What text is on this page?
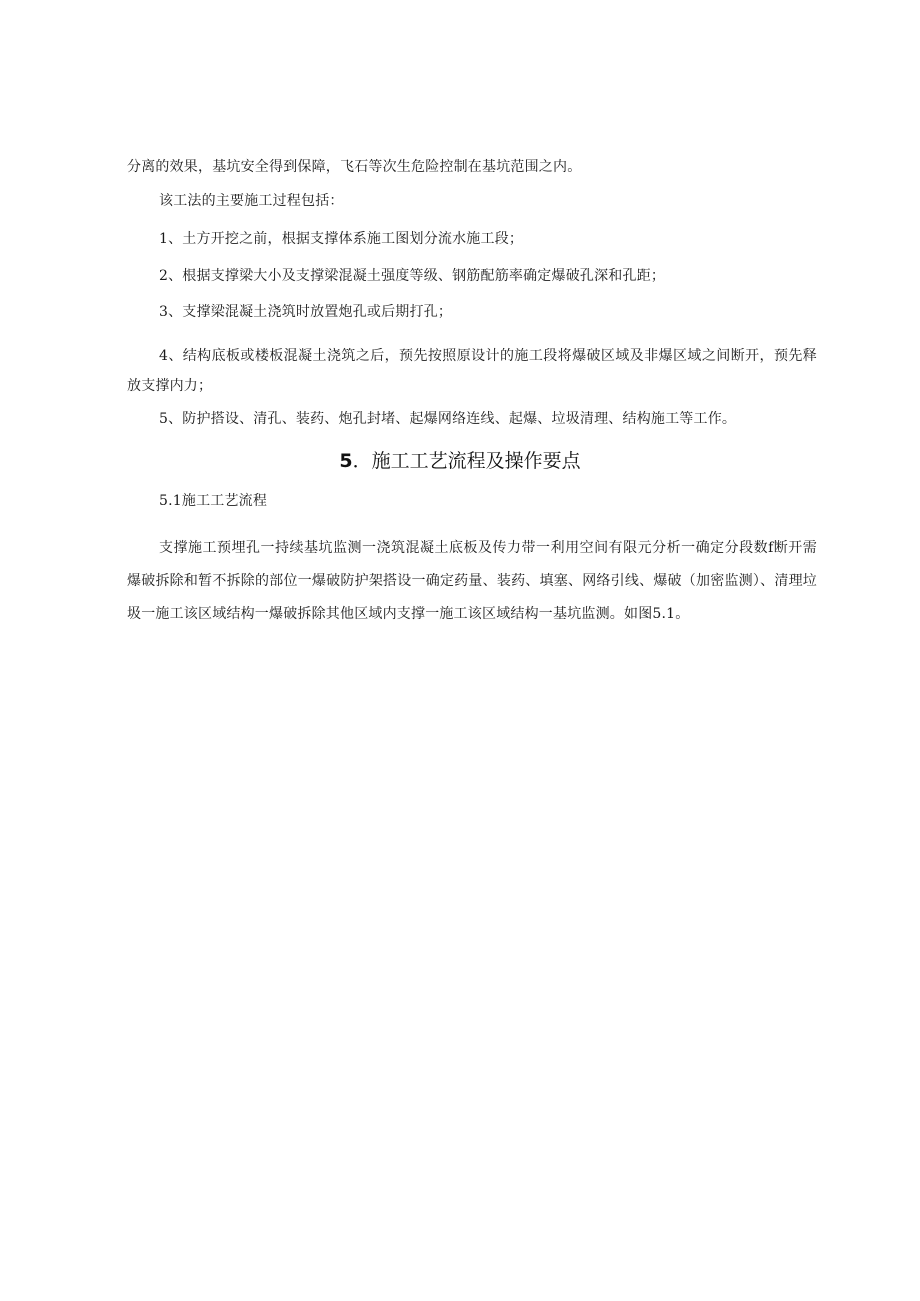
分离的效果，基坑安全得到保障，飞石等次生危险控制在基坑范围之内。
该工法的主要施工过程包括：
1、土方开挖之前，根据支撑体系施工图划分流水施工段；
2、根据支撑梁大小及支撑梁混凝土强度等级、钢筋配筋率确定爆破孔深和孔距；
3、支撑梁混凝土浇筑时放置炮孔或后期打孔；
4、结构底板或楼板混凝土浇筑之后，预先按照原设计的施工段将爆破区域及非爆区域之间断开，预先释放支撑内力；
5、防护搭设、清孔、装药、炮孔封堵、起爆网络连线、起爆、垃圾清理、结构施工等工作。
5．施工工艺流程及操作要点
5.1施工工艺流程
支撑施工预埋孔一持续基坑监测一浇筑混凝土底板及传力带一利用空间有限元分析一确定分段数f断开需爆破拆除和暂不拆除的部位一爆破防护架搭设一确定药量、装药、填塞、网络引线、爆破（加密监测）、清理垃圾一施工该区域结构一爆破拆除其他区域内支撑一施工该区域结构一基坑监测。如图5.1。
